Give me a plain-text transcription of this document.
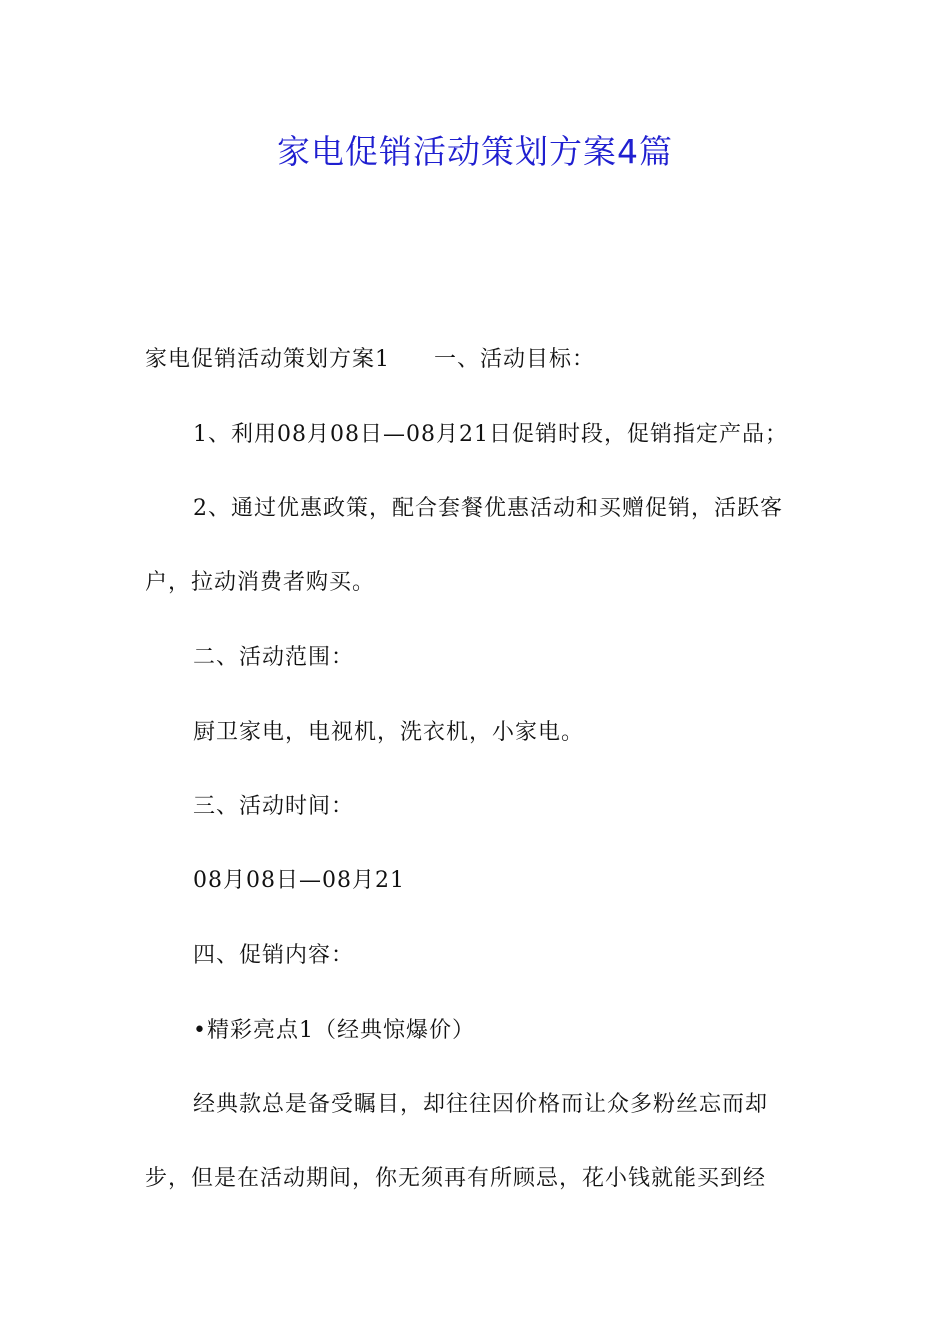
家电促销活动策划方案4篇
家电促销活动策划方案1 一、活动目标：
1、利用08月08日—08月21日促销时段，促销指定产品；
2、通过优惠政策，配合套餐优惠活动和买赠促销，活跃客
户，拉动消费者购买。
二、活动范围：
厨卫家电，电视机，洗衣机，小家电。
三、活动时间：
08月08日—08月21
四、促销内容：
•精彩亮点1（经典惊爆价）
经典款总是备受瞩目，却往往因价格而让众多粉丝忘而却
步，但是在活动期间，你无须再有所顾忌，花小钱就能买到经
